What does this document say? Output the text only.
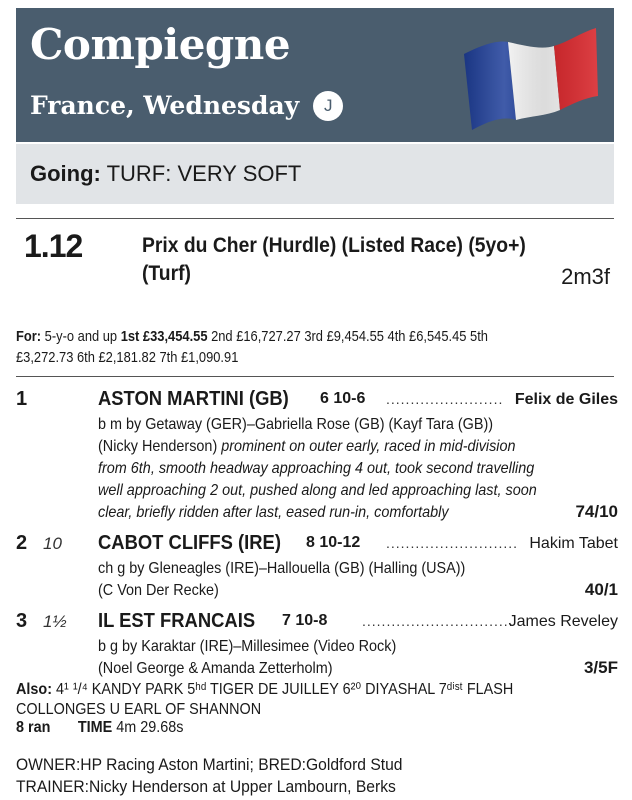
Compiegne
France, Wednesday	J
Going: TURF: VERY SOFT
1.12	Prix du Cher (Hurdle) (Listed Race) (5yo+)
(Turf)	2m3f
For: 5-y-o and up 1st £33,454.55 2nd £16,727.27 3rd £9,454.55 4th £6,545.45 5th
£3,272.73 6th £2,181.82 7th £1,090.91
1	ASTON MARTINI (GB) 6 10-6 ........................ Felix de Giles
b m by Getaway (GER)–Gabriella Rose (GB) (Kayf Tara (GB))
(Nicky Henderson) prominent on outer early, raced in mid-division
from 6th, smooth headway approaching 4 out, took second travelling
well approaching 2 out, pushed along and led approaching last, soon
clear, briefly ridden after last, eased run-in, comfortably	74/10
2 10 CABOT CLIFFS (IRE) 8 10-12 ........................... Hakim Tabet
ch g by Gleneagles (IRE)–Hallouella (GB) (Halling (USA))
(C Von Der Recke)	40/1
3 1½ IL EST FRANCAIS 7 10-8 ...............................
James Reveley
b g by Karaktar (IRE)–Millesimee (Video Rock)
(Noel George & Amanda Zetterholm)	3/5F
Also: 4¹ ¹/⁴ KANDY PARK 5ʰᵈ TIGER DE JUILLEY 6²⁰ DIYASHAL 7ᵈⁱˢᵗ FLASH
COLLONGES U EARL OF SHANNON
8 ran TIME 4m 29.68s
OWNER:HP Racing Aston Martini; BRED:Goldford Stud
TRAINER:Nicky Henderson at Upper Lambourn, Berks
